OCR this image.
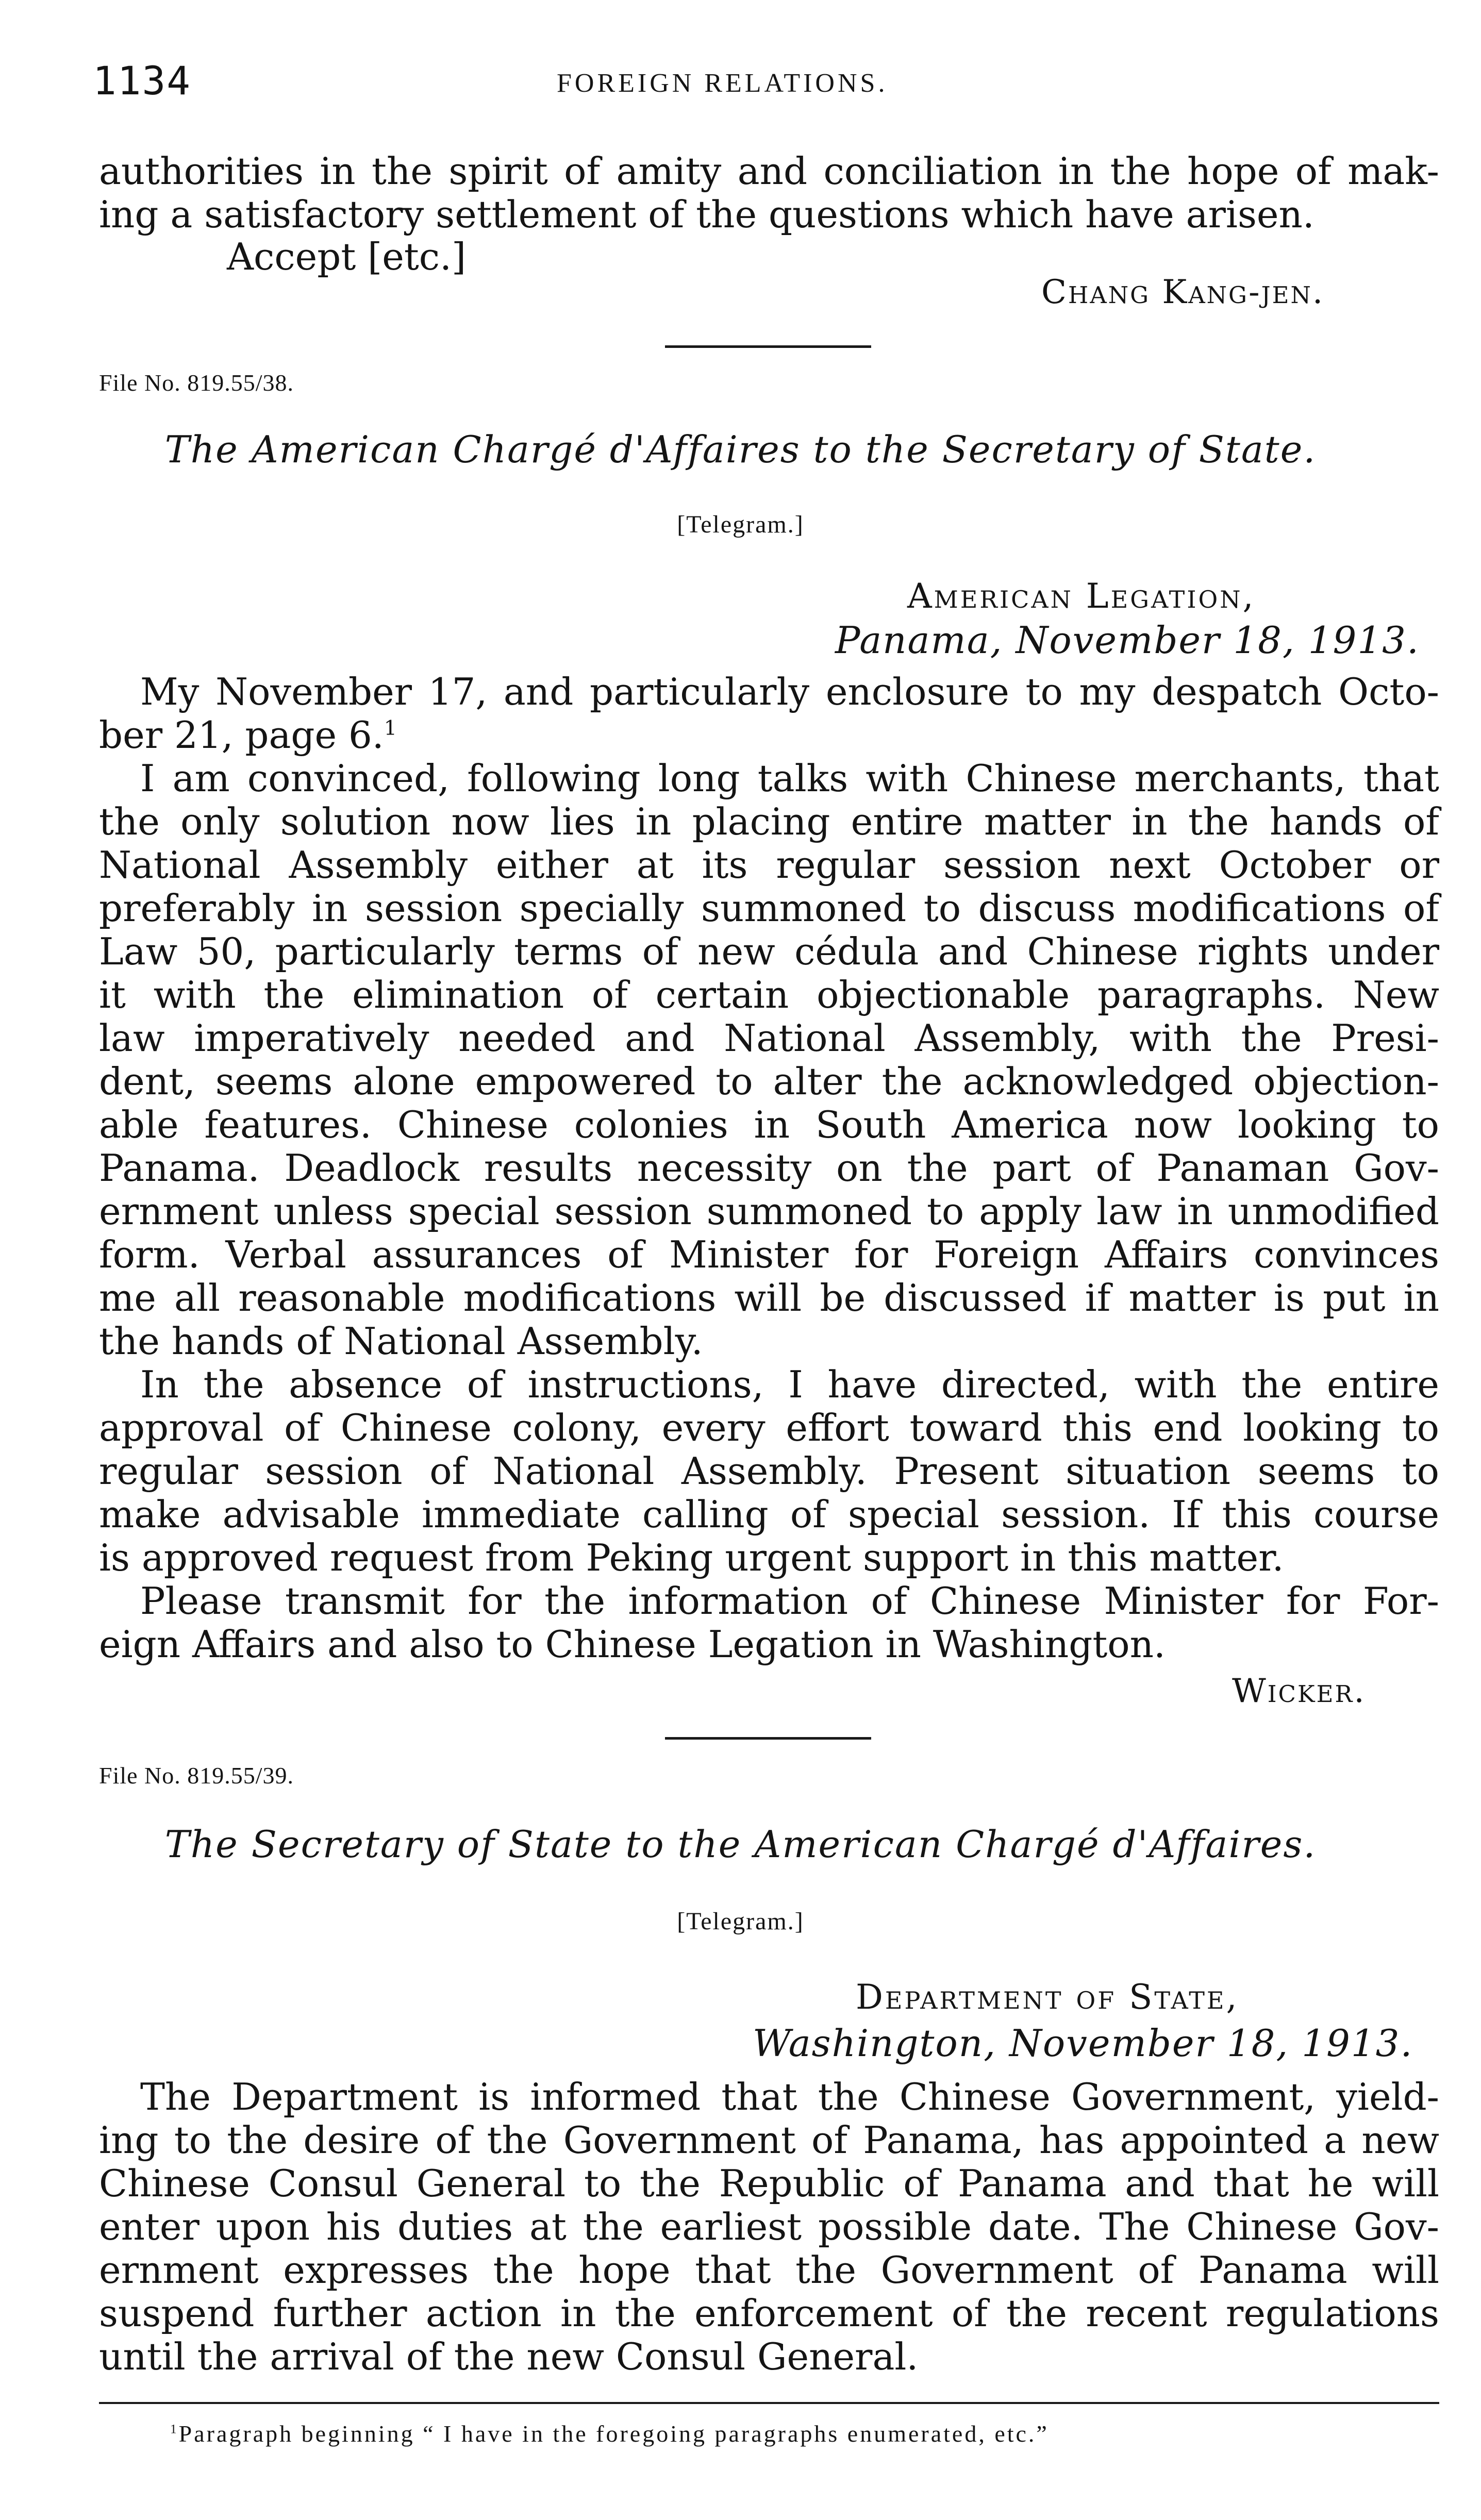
1134	FOREIGN RELATIONS.

authorities in the spirit of amity and conciliation in the hope of mak-

ing a satisfactory settlement of the questions which have arisen.

Accept [etc.]

Chang Kang-jen.
File No. 819.55/38.
The American Chargé d'Affaires to the Secretary of State.
[Telegram.]
American Legation,
Panama, November 18, 1913.

My November 17, and particularly enclosure to my despatch Octo-

ber 21, page 6.$^1$

I am convinced, following long talks with Chinese merchants, that

the only solution now lies in placing entire matter in the hands of

National Assembly either at its regular session next October or

preferably in session specially summoned to discuss modifications of

Law 50, particularly terms of new cédula and Chinese rights under

it with the elimination of certain objectionable paragraphs. New

law imperatively needed and National Assembly, with the Presi-

dent, seems alone empowered to alter the acknowledged objection-

able features. Chinese colonies in South America now looking to

Panama. Deadlock results necessity on the part of Panaman Gov-

ernment unless special session summoned to apply law in unmodified

form. Verbal assurances of Minister for Foreign Affairs convinces

me all reasonable modifications will be discussed if matter is put in

the hands of National Assembly.

In the absence of instructions, I have directed, with the entire

approval of Chinese colony, every effort toward this end looking to

regular session of National Assembly. Present situation seems to

make advisable immediate calling of special session. If this course

is approved request from Peking urgent support in this matter.

Please transmit for the information of Chinese Minister for For-

eign Affairs and also to Chinese Legation in Washington.

Wicker.
File No. 819.55/39.
The Secretary of State to the American Chargé d'Affaires.
[Telegram.]
Department of State,
Washington, November 18, 1913.

The Department is informed that the Chinese Government, yield-

ing to the desire of the Government of Panama, has appointed a new

Chinese Consul General to the Republic of Panama and that he will

enter upon his duties at the earliest possible date. The Chinese Gov-

ernment expresses the hope that the Government of Panama will

suspend further action in the enforcement of the recent regulations

until the arrival of the new Consul General.

$^1$Paragraph beginning “ I have in the foregoing paragraphs enumerated, etc.”
